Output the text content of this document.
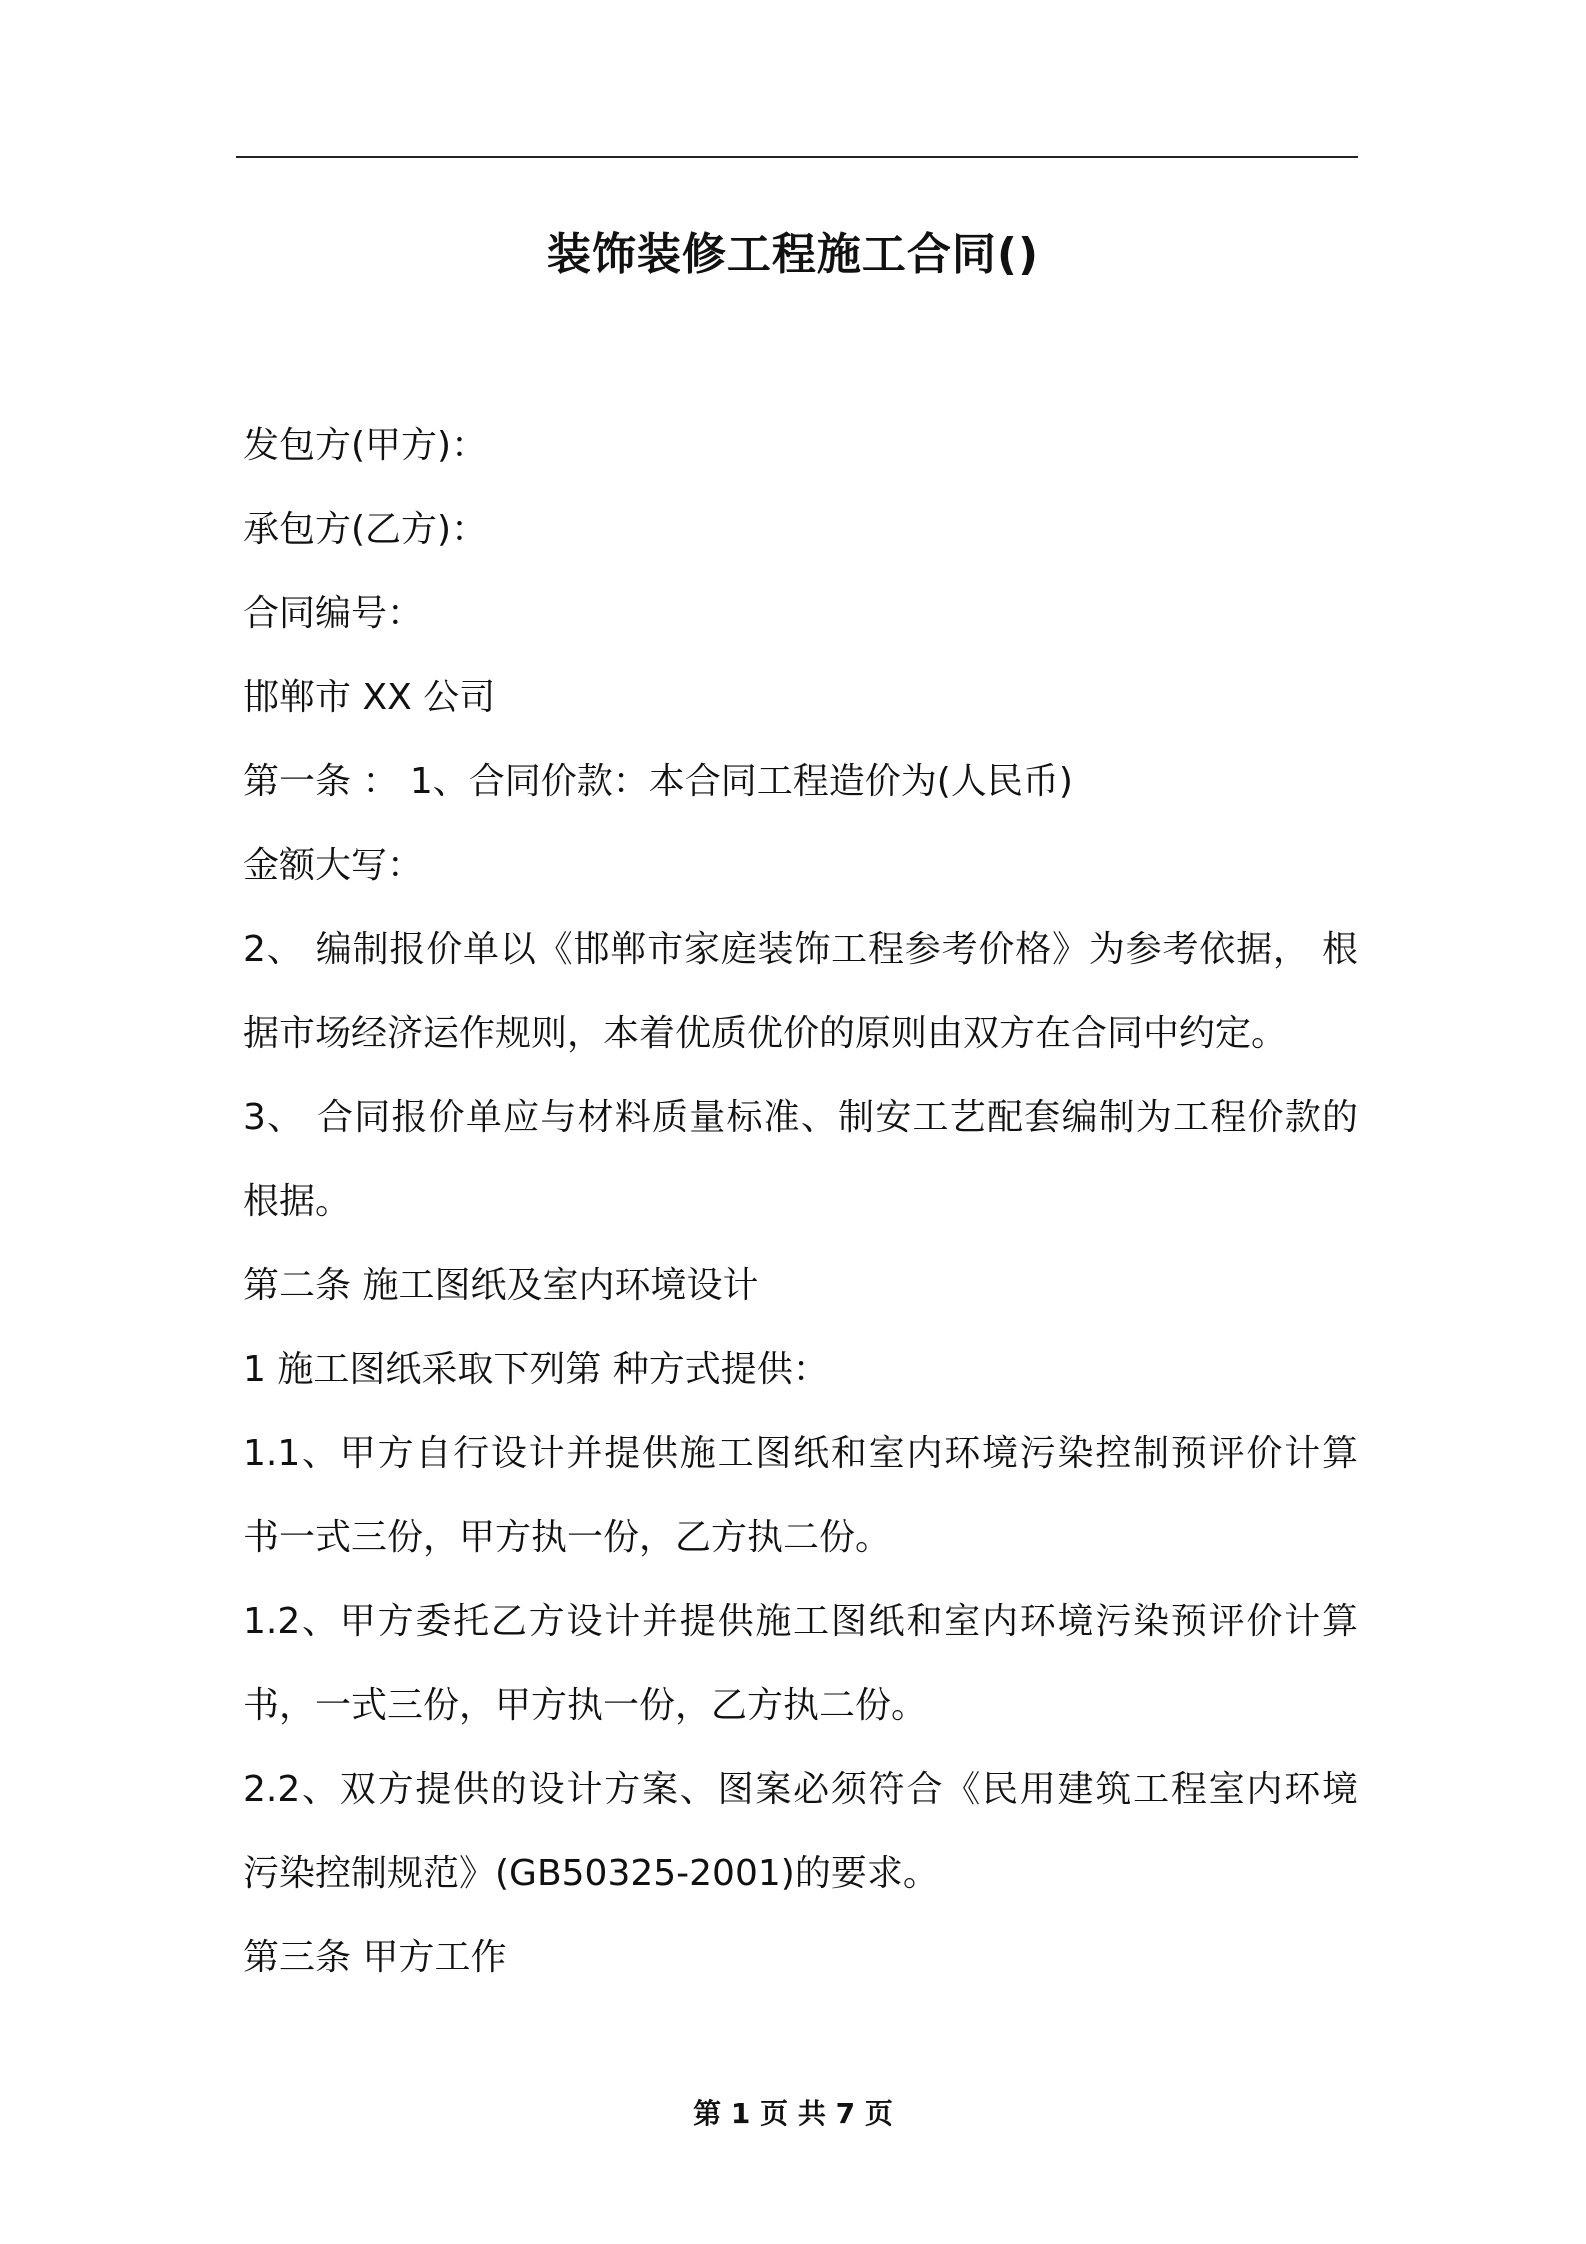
装饰装修工程施工合同()
发包方(甲方)：
承包方(乙方)：
合同编号：
邯郸市 XX 公司
第一条 ： 1、合同价款：本合同工程造价为(人民币)
金额大写：
2、 编制报价单以《邯郸市家庭装饰工程参考价格》为参考依据， 根
据市场经济运作规则，本着优质优价的原则由双方在合同中约定。
3、 合同报价单应与材料质量标准、制安工艺配套编制为工程价款的
根据。
第二条 施工图纸及室内环境设计
1 施工图纸采取下列第 种方式提供：
1.1、甲方自行设计并提供施工图纸和室内环境污染控制预评价计算
书一式三份，甲方执一份，乙方执二份。
1.2、甲方委托乙方设计并提供施工图纸和室内环境污染预评价计算
书，一式三份，甲方执一份，乙方执二份。
2.2、双方提供的设计方案、图案必须符合《民用建筑工程室内环境
污染控制规范》(GB50325-2001)的要求。
第三条 甲方工作
第 1 页 共 7 页
